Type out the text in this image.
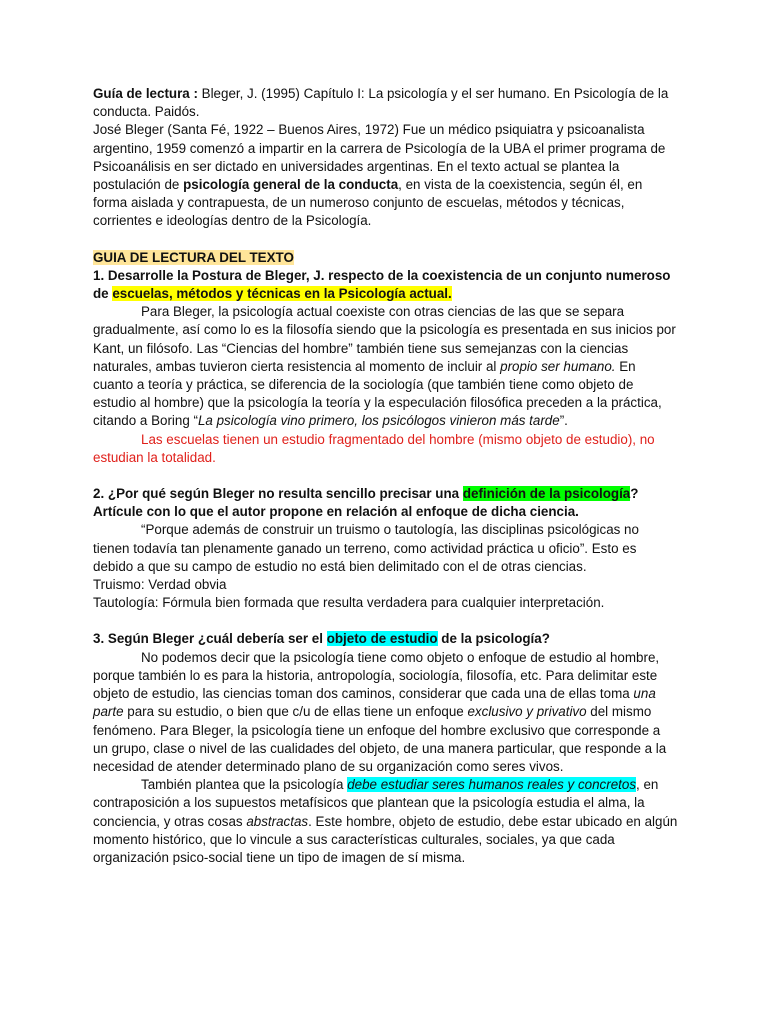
Guía de lectura : Bleger, J. (1995) Capítulo I: La psicología y el ser humano. En Psicología de la conducta. Paidós.

José Bleger (Santa Fé, 1922 – Buenos Aires, 1972) Fue un médico psiquiatra y psicoanalista argentino, 1959 comenzó a impartir en la carrera de Psicología de la UBA el primer programa de Psicoanálisis en ser dictado en universidades argentinas. En el texto actual se plantea la postulación de psicología general de la conducta, en vista de la coexistencia, según él, en forma aislada y contrapuesta, de un numeroso conjunto de escuelas, métodos y técnicas, corrientes e ideologías dentro de la Psicología.

GUIA DE LECTURA DEL TEXTO

1. Desarrolle la Postura de Bleger, J. respecto de la coexistencia de un conjunto numeroso de escuelas, métodos y técnicas en la Psicología actual.

Para Bleger, la psicología actual coexiste con otras ciencias de las que se separa gradualmente, así como lo es la filosofía siendo que la psicología es presentada en sus inicios por Kant, un filósofo. Las “Ciencias del hombre” también tiene sus semejanzas con la ciencias naturales, ambas tuvieron cierta resistencia al momento de incluir al propio ser humano. En cuanto a teoría y práctica, se diferencia de la sociología (que también tiene como objeto de estudio al hombre) que la psicología la teoría y la especulación filosófica preceden a la práctica, citando a Boring “La psicología vino primero, los psicólogos vinieron más tarde”.

Las escuelas tienen un estudio fragmentado del hombre (mismo objeto de estudio), no estudian la totalidad.

2. ¿Por qué según Bleger no resulta sencillo precisar una definición de la psicología? Artícule con lo que el autor propone en relación al enfoque de dicha ciencia.

“Porque además de construir un truismo o tautología, las disciplinas psicológicas no tienen todavía tan plenamente ganado un terreno, como actividad práctica u oficio”. Esto es debido a que su campo de estudio no está bien delimitado con el de otras ciencias.

Truismo: Verdad obvia

Tautología: Fórmula bien formada que resulta verdadera para cualquier interpretación.

3. Según Bleger ¿cuál debería ser el objeto de estudio de la psicología?

No podemos decir que la psicología tiene como objeto o enfoque de estudio al hombre, porque también lo es para la historia, antropología, sociología, filosofía, etc. Para delimitar este objeto de estudio, las ciencias toman dos caminos, considerar que cada una de ellas toma una parte para su estudio, o bien que c/u de ellas tiene un enfoque exclusivo y privativo del mismo fenómeno. Para Bleger, la psicología tiene un enfoque del hombre exclusivo que corresponde a un grupo, clase o nivel de las cualidades del objeto, de una manera particular, que responde a la necesidad de atender determinado plano de su organización como seres vivos.

También plantea que la psicología debe estudiar seres humanos reales y concretos, en contraposición a los supuestos metafísicos que plantean que la psicología estudia el alma, la conciencia, y otras cosas abstractas. Este hombre, objeto de estudio, debe estar ubicado en algún momento histórico, que lo vincule a sus características culturales, sociales, ya que cada organización psico-social tiene un tipo de imagen de sí misma.
